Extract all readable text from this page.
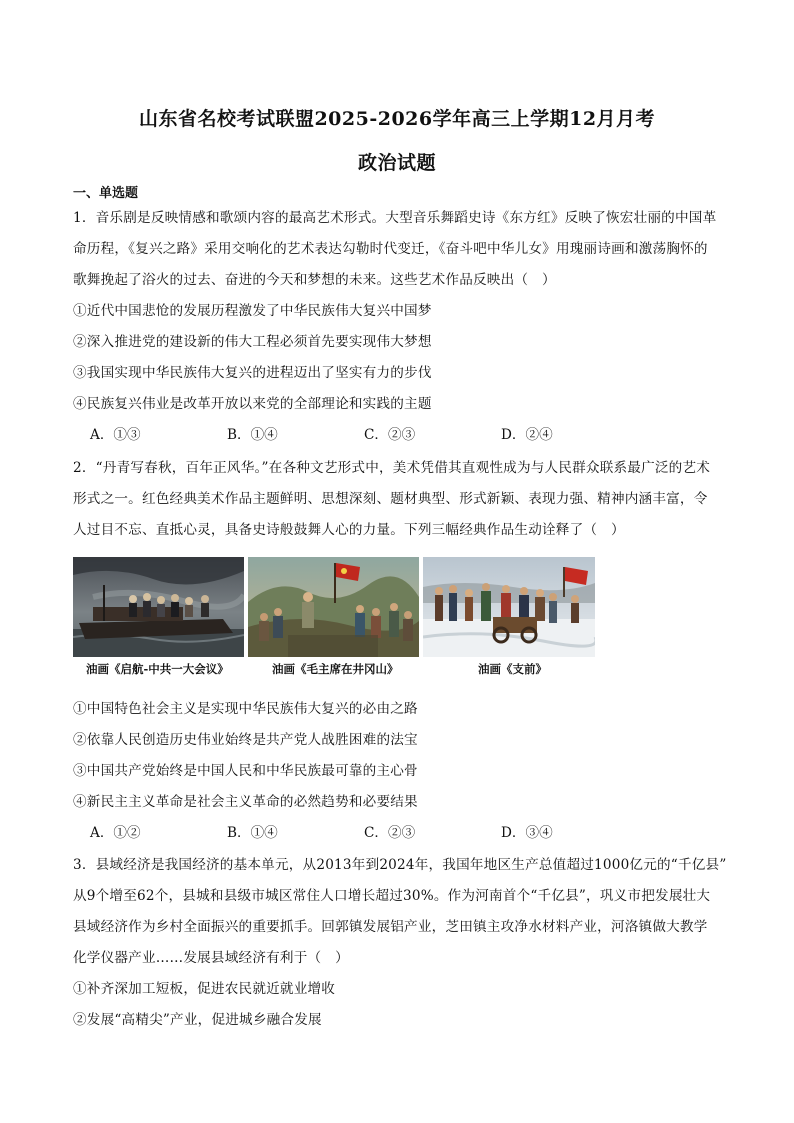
山东省名校考试联盟2025-2026学年高三上学期12月月考
政治试题
一、单选题
1．音乐剧是反映情感和歌颂内容的最高艺术形式。大型音乐舞蹈史诗《东方红》反映了恢宏壮丽的中国革
命历程，《复兴之路》采用交响化的艺术表达勾勒时代变迁，《奋斗吧中华儿女》用瑰丽诗画和激荡胸怀的
歌舞挽起了浴火的过去、奋进的今天和梦想的未来。这些艺术作品反映出（　）
①近代中国悲怆的发展历程激发了中华民族伟大复兴中国梦
②深入推进党的建设新的伟大工程必须首先要实现伟大梦想
③我国实现中华民族伟大复兴的进程迈出了坚实有力的步伐
④民族复兴伟业是改革开放以来党的全部理论和实践的主题
A．①③	B．①④	C．②③	D．②④
2．“丹青写春秋，百年正风华。”在各种文艺形式中，美术凭借其直观性成为与人民群众联系最广泛的艺术
形式之一。红色经典美术作品主题鲜明、思想深刻、题材典型、形式新颖、表现力强、精神内涵丰富，令
人过目不忘、直抵心灵，具备史诗般鼓舞人心的力量。下列三幅经典作品生动诠释了（　）
油画《启航-中共一大会议》	油画《毛主席在井冈山》	油画《支前》
①中国特色社会主义是实现中华民族伟大复兴的必由之路
②依靠人民创造历史伟业始终是共产党人战胜困难的法宝
③中国共产党始终是中国人民和中华民族最可靠的主心骨
④新民主主义革命是社会主义革命的必然趋势和必要结果
A．①②	B．①④	C．②③	D．③④
3．县域经济是我国经济的基本单元，从2013年到2024年，我国年地区生产总值超过1000亿元的“千亿县”
从9个增至62个，县城和县级市城区常住人口增长超过30%。作为河南首个“千亿县”，巩义市把发展壮大
县域经济作为乡村全面振兴的重要抓手。回郭镇发展铝产业，芝田镇主攻净水材料产业，河洛镇做大教学
化学仪器产业……发展县域经济有利于（　）
①补齐深加工短板，促进农民就近就业增收
②发展“高精尖”产业，促进城乡融合发展
